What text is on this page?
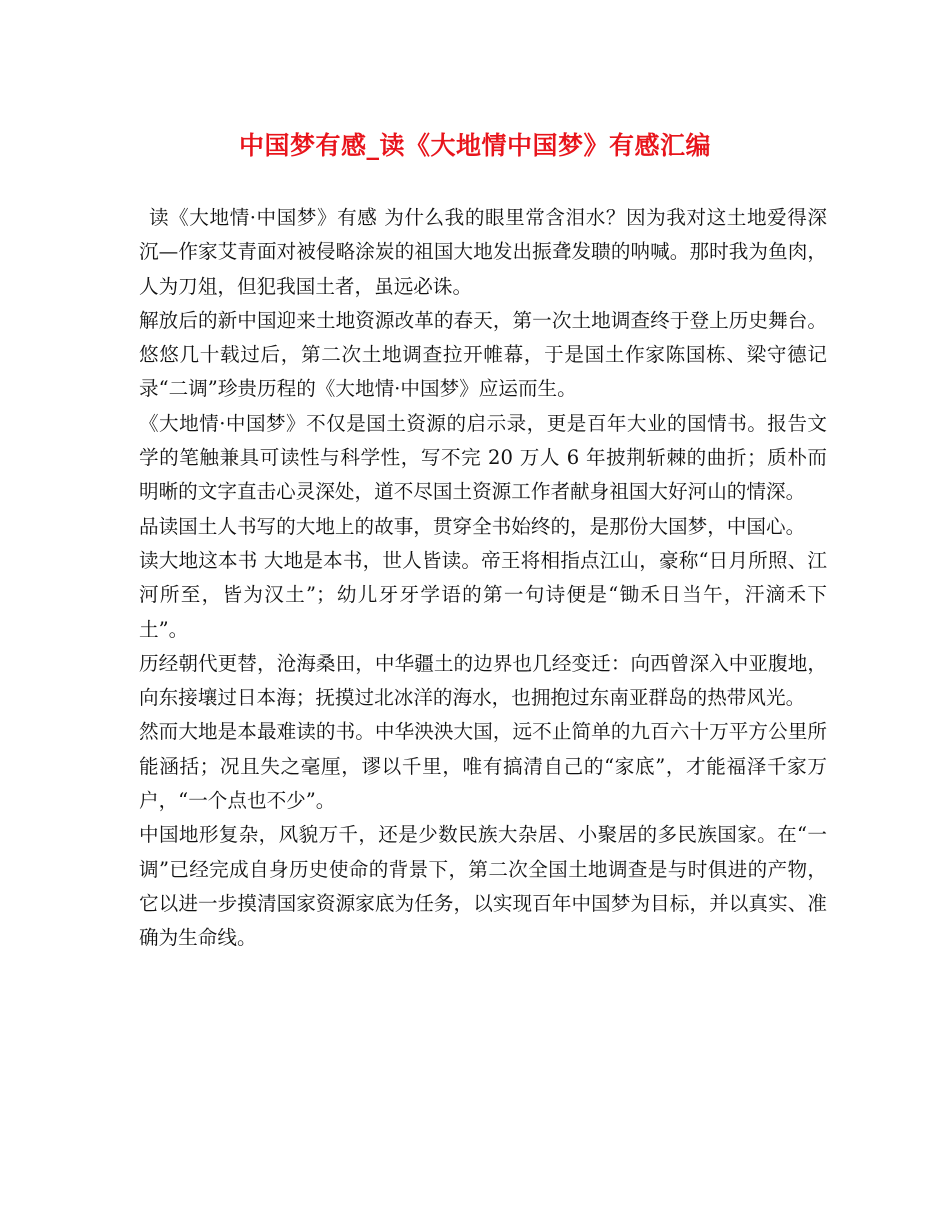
中国梦有感_读《大地情中国梦》有感汇编

读《大地情·中国梦》有感 为什么我的眼里常含泪水？因为我对这土地爱得深沉—作家艾青面对被侵略涂炭的祖国大地发出振聋发聩的呐喊。那时我为鱼肉，人为刀俎，但犯我国土者，虽远必诛。

解放后的新中国迎来土地资源改革的春天，第一次土地调查终于登上历史舞台。悠悠几十载过后，第二次土地调查拉开帷幕，于是国土作家陈国栋、梁守德记录“二调”珍贵历程的《大地情·中国梦》应运而生。

《大地情·中国梦》不仅是国土资源的启示录，更是百年大业的国情书。报告文学的笔触兼具可读性与科学性，写不完 20 万人 6 年披荆斩棘的曲折；质朴而明晰的文字直击心灵深处，道不尽国土资源工作者献身祖国大好河山的情深。

品读国土人书写的大地上的故事，贯穿全书始终的，是那份大国梦，中国心。

读大地这本书 大地是本书，世人皆读。帝王将相指点江山，豪称“日月所照、江河所至，皆为汉土”；幼儿牙牙学语的第一句诗便是“锄禾日当午，汗滴禾下土”。

历经朝代更替，沧海桑田，中华疆土的边界也几经变迁：向西曾深入中亚腹地，向东接壤过日本海；抚摸过北冰洋的海水，也拥抱过东南亚群岛的热带风光。

然而大地是本最难读的书。中华泱泱大国，远不止简单的九百六十万平方公里所能涵括；况且失之毫厘，谬以千里，唯有搞清自己的“家底”，才能福泽千家万户，“一个点也不少”。

中国地形复杂，风貌万千，还是少数民族大杂居、小聚居的多民族国家。在“一调”已经完成自身历史使命的背景下，第二次全国土地调查是与时俱进的产物，它以进一步摸清国家资源家底为任务，以实现百年中国梦为目标，并以真实、准确为生命线。
